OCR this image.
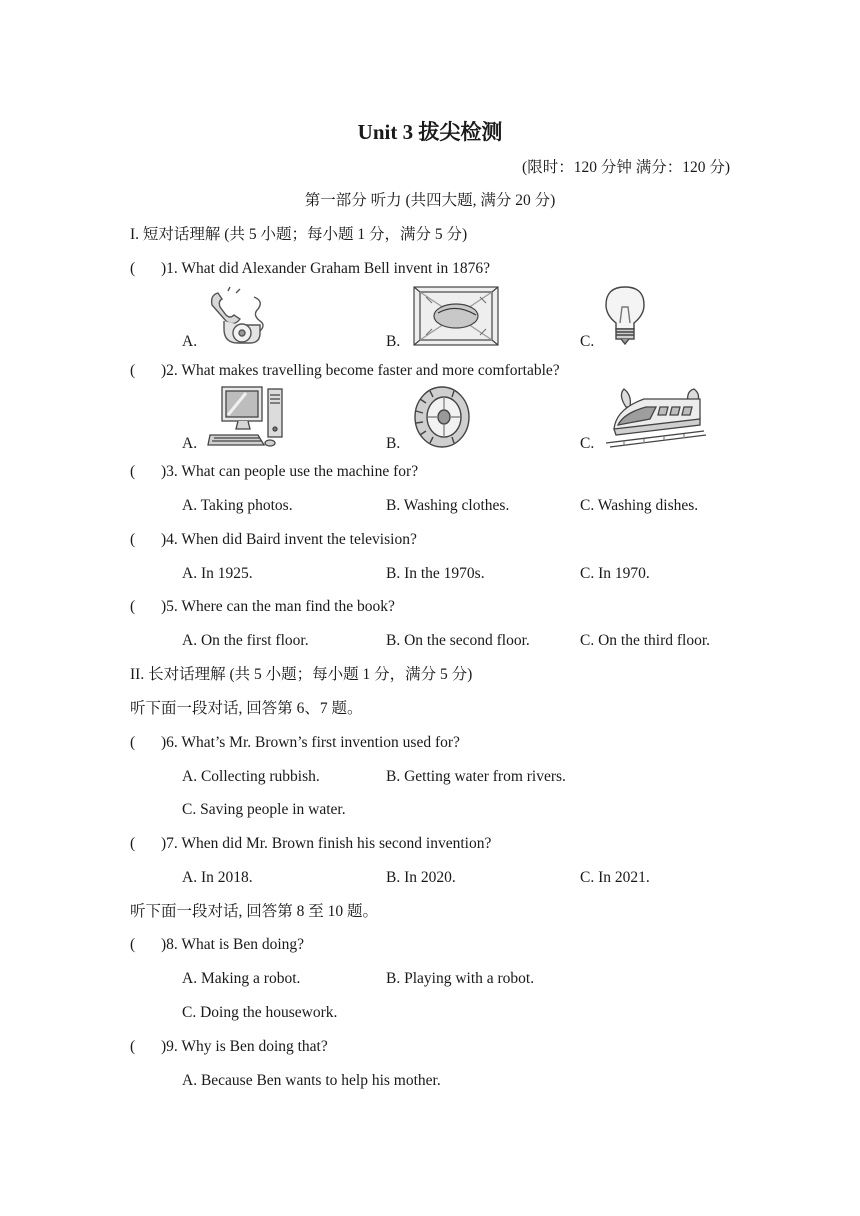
Unit 3 拔尖检测
(限时：120 分钟 满分：120 分)
第一部分 听力 (共四大题, 满分 20 分)
I. 短对话理解 (共 5 小题；每小题 1 分，满分 5 分)
( )1. What did Alexander Graham Bell invent in 1876?
A.	B.	C.
( )2. What makes travelling become faster and more comfortable?
A.	B.	C.
( )3. What can people use the machine for?
A. Taking photos.	B. Washing clothes.	C. Washing dishes.
( )4. When did Baird invent the television?
A. In 1925.	B. In the 1970s.	C. In 1970.
( )5. Where can the man find the book?
A. On the first floor.	B. On the second floor.	C. On the third floor.
II. 长对话理解 (共 5 小题；每小题 1 分，满分 5 分)
听下面一段对话, 回答第 6、7 题。
( )6. What’s Mr. Brown’s first invention used for?
A. Collecting rubbish.	B. Getting water from rivers.
C. Saving people in water.
( )7. When did Mr. Brown finish his second invention?
A. In 2018.	B. In 2020.	C. In 2021.
听下面一段对话, 回答第 8 至 10 题。
( )8. What is Ben doing?
A. Making a robot.	B. Playing with a robot.
C. Doing the housework.
( )9. Why is Ben doing that?
A. Because Ben wants to help his mother.
